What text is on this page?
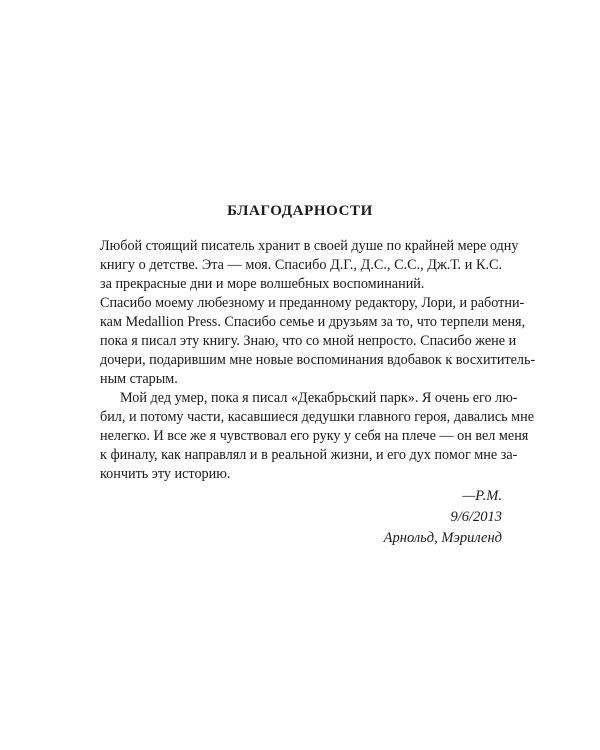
БЛАГОДАРНОСТИ
Любой стоящий писатель хранит в своей душе по крайней мере одну
книгу о детстве. Эта — моя. Спасибо Д.Г., Д.С., С.С., Дж.Т. и К.С.
за прекрасные дни и море волшебных воспоминаний.
Спасибо моему любезному и преданному редактору, Лори, и работни-
кам Medallion Press. Спасибо семье и друзьям за то, что терпели меня,
пока я писал эту книгу. Знаю, что со мной непросто. Спасибо жене и
дочери, подарившим мне новые воспоминания вдобавок к восхититель-
ным старым.
Мой дед умер, пока я писал «Декабрьский парк». Я очень его лю-
бил, и потому части, касавшиеся дедушки главного героя, давались мне
нелегко. И все же я чувствовал его руку у себя на плече — он вел меня
к финалу, как направлял и в реальной жизни, и его дух помог мне за-
кончить эту историю.
—Р.М.
9/6/2013
Арнольд, Мэриленд
